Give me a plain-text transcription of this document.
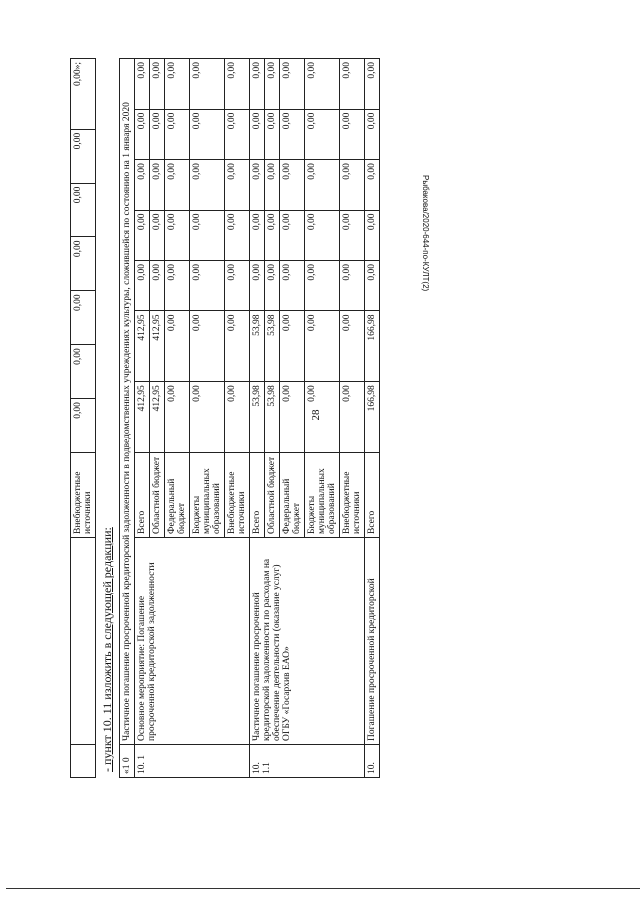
28
Рыбакова/2020-644-по-КУЛТ(2)
		Внебюджетные источники	0,00	0,00	0,00	0,00	0,00	0,00	0,00»;
- пункт 10. 11 изложить в следующей редакции: «1 0	Частичное погашение просроченной кредиторской задолженности в подведомственных учреждениях культуры, сложившейся по состоянию на 1 января 2020								
10. 1	Основное мероприятие: Погашение просроченной кредиторской задолженности	Всего	412,95	412,95	0,00	0,00	0,00	0,00	0,00
		Областной бюджет	412,95	412,95	0,00	0,00	0,00	0,00	0,00
		Федеральный бюджет	0,00	0,00	0,00	0,00	0,00	0,00	0,00
		Бюджеты муниципальных образований	0,00	0,00	0,00	0,00	0,00	0,00	0,00
		Внебюджетные источники	0,00	0,00	0,00	0,00	0,00	0,00	0,00
10. 1.1	Частичное погашение просроченной кредиторской задолженности по расходам на обеспечение деятельности (оказание услуг) ОГБУ «Госархив ЕАО»	Всего	53,98	53,98	0,00	0,00	0,00	0,00	0,00
		Областной бюджет	53,98	53,98	0,00	0,00	0,00	0,00	0,00
		Федеральный бюджет	0,00	0,00	0,00	0,00	0,00	0,00	0,00
		Бюджеты муниципальных образований	0,00	0,00	0,00	0,00	0,00	0,00	0,00
		Внебюджетные источники	0,00	0,00	0,00	0,00	0,00	0,00	0,00
10.	Погашение просроченной кредиторской	Всего	166,98	166,98	0,00	0,00	0,00	0,00	0,00
